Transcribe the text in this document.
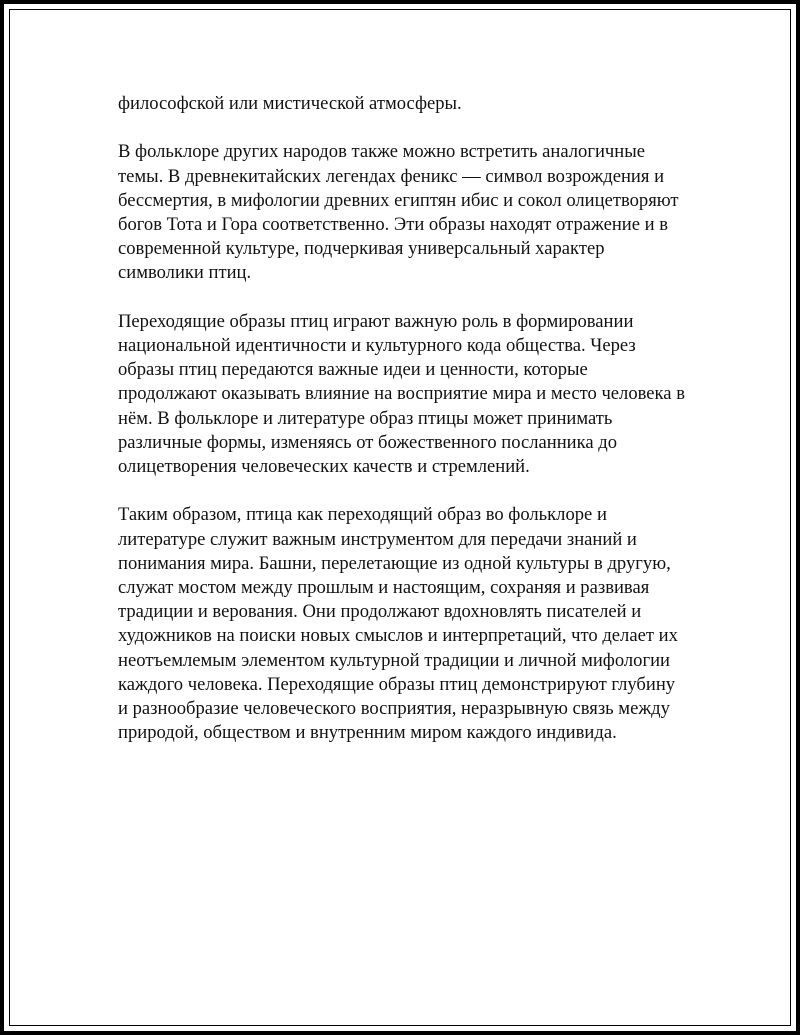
философской или мистической атмосферы.

В фольклоре других народов также можно встретить аналогичные
темы. В древнекитайских легендах феникс — символ возрождения и
бессмертия, в мифологии древних египтян ибис и сокол олицетворяют
богов Тота и Гора соответственно. Эти образы находят отражение и в
современной культуре, подчеркивая универсальный характер
символики птиц.

Переходящие образы птиц играют важную роль в формировании
национальной идентичности и культурного кода общества. Через
образы птиц передаются важные идеи и ценности, которые
продолжают оказывать влияние на восприятие мира и место человека в
нём. В фольклоре и литературе образ птицы может принимать
различные формы, изменяясь от божественного посланника до
олицетворения человеческих качеств и стремлений.

Таким образом, птица как переходящий образ во фольклоре и
литературе служит важным инструментом для передачи знаний и
понимания мира. Башни, перелетающие из одной культуры в другую,
служат мостом между прошлым и настоящим, сохраняя и развивая
традиции и верования. Они продолжают вдохновлять писателей и
художников на поиски новых смыслов и интерпретаций, что делает их
неотъемлемым элементом культурной традиции и личной мифологии
каждого человека. Переходящие образы птиц демонстрируют глубину
и разнообразие человеческого восприятия, неразрывную связь между
природой, обществом и внутренним миром каждого индивида.
